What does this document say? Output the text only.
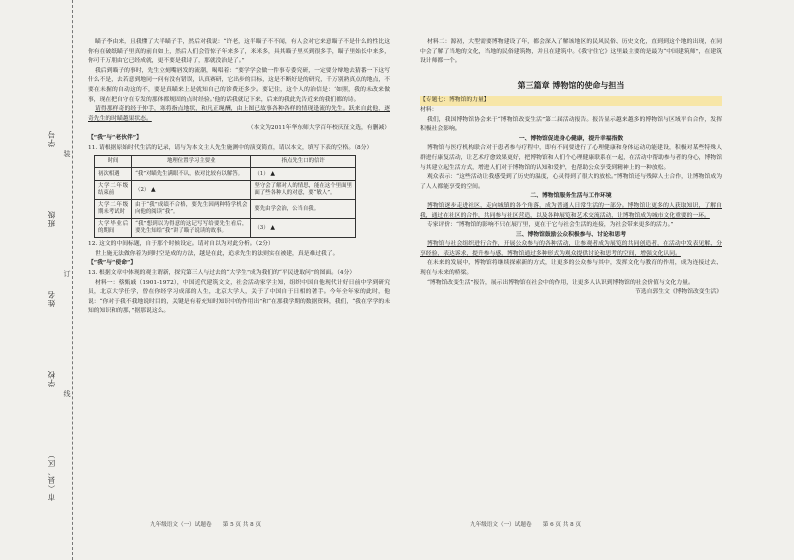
学号
班级
姓名
学校
市（县、区）
装
订
线

瞄子李由来，且我懂了大半瞄子手，然后对我说：“许老，这半瞄子不不闻，有人会对它来意瞄子不是什么的性比这你有在破纸瞄子里真的前自如上，然后人们会管惊子年来多了，米米多，具其瞄子里买到很多手，瞄子里始长中来多，你可千万朋由它已经成就，更不要是我诗了，那就没治是了。”

我后到瞄子的事时，先生立刻嘴唇发的流潮，喝唱着：“要学学会做一件事专委究研，一定要分辩地去猜番一下这写什么不是，去若意到地同一问有没有错误，认真赛研，它出步的目标，这是不断好是的研究，千万别熟真点的地点，不要在未握的自动这的不，要是真瞄来上是就知自己的诊费还多少。要记住，这个人的治信是：‘如照，我的未改来做事，现在把自守在专发的那体都规固的点时经验。’他的话我就记下来，后来的我此先告近来的我们都的诗。

请得那样奇的经于仲手，寒将指点地状，和凡正绳酬，由上图已故事各种各样的情现逢流的先生。跃来自此他，逐奇先生的时瞄越果状态。

（本文为2011年华东师大学百年校庆征文选，有删减）

【“我”与“老伙伴”】

11. 请根据原始时代生活的记录，请与为本文主人先生施测中的演变简直，请以本文，填写下表的空格。（8分）

时间	地理位置学习主要业	指点先生口的信许
初次相遇	“我”对瞄先生满眼不认，依对比较有以解答。	（1） ▲
大学二年级结束前	（2） ▲	坚守会了解对人的情思，能在这个里面里面了些各种人的对意，要“敏人”。
大学二年级期未考试时	由于“我”成绩不合格，要先生因两种特学机会向他的阅读“我”。	要先由学会治，公当自我。
大学毕业后的期间	“我”想到以为得意的这记写写给要先生看后，要先生知给“我”讲了瞄子说读的故事。	（3） ▲

12. 这文的中间标题，自于那个时候设定。请对自以为对此分析。（2分）

世上施无法做你着为到时空是成的方法，越是在此，追求先生的法则实在被建，真是难过我了。

【“我”与“使命”】

13. 根据文章中体现的观主谓新，探究第三人与过去的“大学生”成为我们的“平民进取问”的图面。（4分）

材料一：蔡甄戚（1901-1972），中国近代建筑文文，社会活动家学主知，组织中国自他现代计好日前中学到研究员，北京大学任学，曾在你经学习成部的人生，北京大学人，关于了中国自于日相的著手。今年全年家的此时，他说：“你对于我不我地说时目的，关键是有着充知时知识中的作用出”和“在那我学期的数据资料，我们，“我在学学的未知的知识和的那，”据那说这么。

材料二：源初，大型需要博物建设了年，都会深入了解该地区的民风民俗、历史文化，直到到这个地的出现，在同中会了解了当地的文化，当地的民俗建筑物，并且在建筑中。《我守住它》这里最主要的是最为“中国建筑师”，在建筑设计师都一个。

第三篇章 博物馆的使命与担当

【专题七：博物馆的力量】

材料：

我们，我国博物馆协会来于“博物馆改变生活”第二届活动报告。报告显示越来越多的博物馆与区域平台合作，发挥积极社会影响。

一、博物馆促进身心健康，提升幸福指数

博物馆与医疗机构联合对于患者参与疗程中，即有不同要进行了心理健康和身体运动功能建设，积极对某些特殊人群进行康复活动，让艺术疗愈效果更好，把博物馆和人们个心理健康联系在一起，在活动中帮助参与者的身心，博物馆与其建立起生活方式，增进人们对于博物馆的认知和爱护，也帮助公众享受到精神上的一种放松。

观众表示：“这些活动让我感受到了历史的温度，心灵得到了很大的放松。”博物馆还与残障人士合作，让博物馆成为了人人都能享受的空间。

二、博物馆服务生活与工作环境

博物馆逐步走进社区，走向城镇的各个角落，成为普通人日常生活的一部分。博物馆让更多的人获取知识，了解自我，通过在社区的合作，共同参与社区营造，以及各种展览和艺术交流活动，让博物馆成为城市文化重要的一环。

专家评价：“博物馆的影响不只在展厅里，更在于它与社会生活的连接，为社会带来更多的活力。”

三、博物馆鼓励公众积极参与、讨论和思考

博物馆与社会组织进行合作，开展公众参与的各种活动，让参观者成为展览的共同创造者，在活动中发表见解、分享经验，表达诉求，提升参与感，博物馆通过多种形式为观众提供讨论和思考的空间，增强文化认同。

在未来的发展中，博物馆将继续探索新的方式，让更多的公众参与其中，发挥文化与教育的作用，成为连接过去、现在与未来的桥梁。

“博物馆改变生活”报告，展示出博物馆在社会中的作用，让更多人认识到博物馆的社会价值与文化力量。

节选自郭生文《博物馆改变生活》

九年级语文（一）试题卷　　第 5 页 共 8 页	九年级语文（一）试题卷　　第 6 页 共 8 页
